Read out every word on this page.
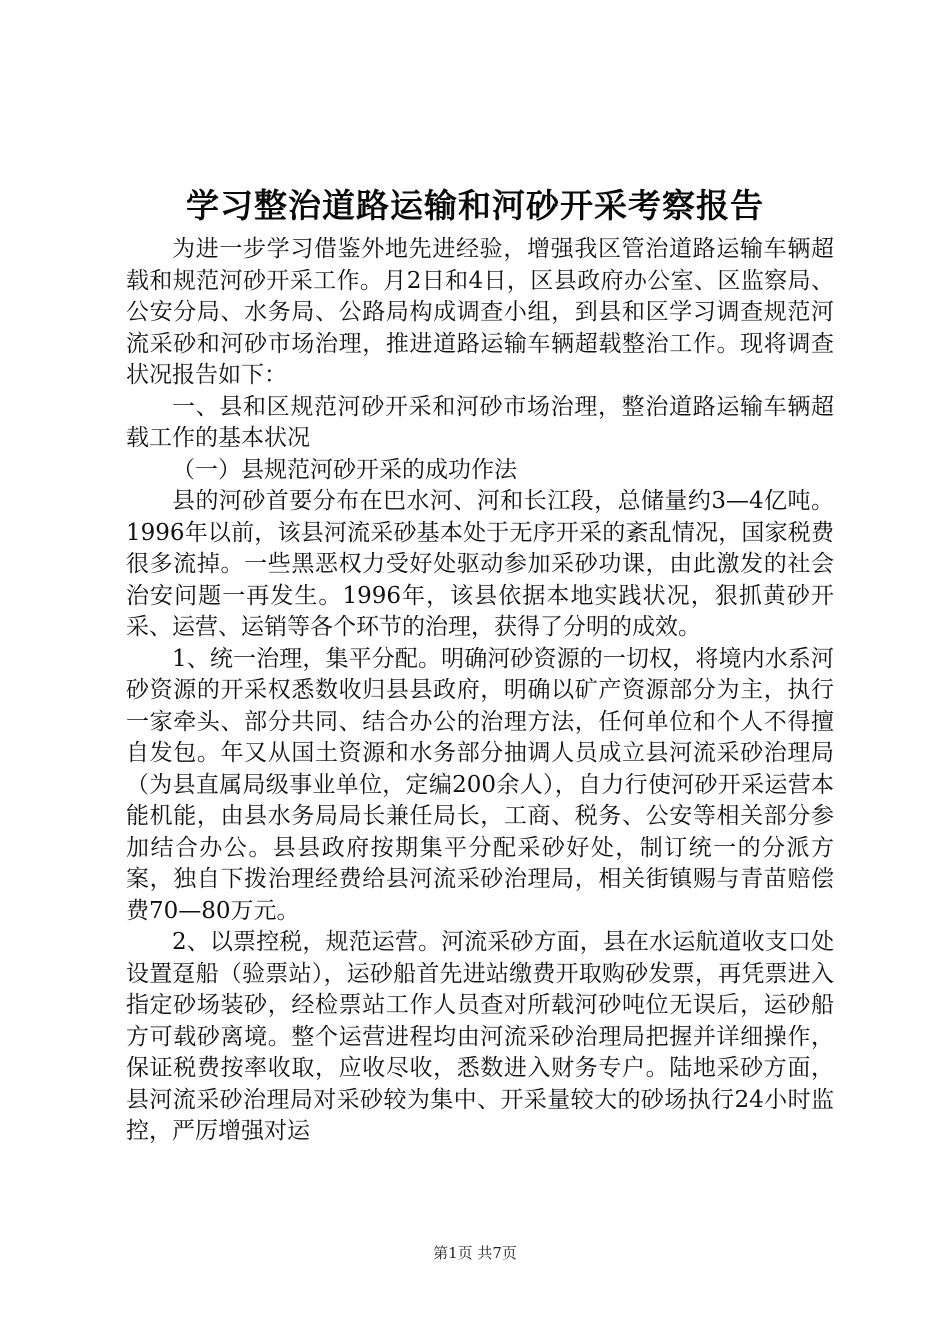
学习整治道路运输和河砂开采考察报告

为进一步学习借鉴外地先进经验，增强我区管治道路运输车辆超载和规范河砂开采工作。月2日和4日，区县政府办公室、区监察局、公安分局、水务局、公路局构成调查小组，到县和区学习调查规范河流采砂和河砂市场治理，推进道路运输车辆超载整治工作。现将调查状况报告如下：

一、县和区规范河砂开采和河砂市场治理，整治道路运输车辆超载工作的基本状况

（一）县规范河砂开采的成功作法

县的河砂首要分布在巴水河、河和长江段，总储量约3—4亿吨。1996年以前，该县河流采砂基本处于无序开采的紊乱情况，国家税费很多流掉。一些黑恶权力受好处驱动参加采砂功课，由此激发的社会治安问题一再发生。1996年，该县依据本地实践状况，狠抓黄砂开采、运营、运销等各个环节的治理，获得了分明的成效。

1、统一治理，集平分配。明确河砂资源的一切权，将境内水系河砂资源的开采权悉数收归县县政府，明确以矿产资源部分为主，执行一家牵头、部分共同、结合办公的治理方法，任何单位和个人不得擅自发包。年又从国土资源和水务部分抽调人员成立县河流采砂治理局（为县直属局级事业单位，定编200余人），自力行使河砂开采运营本能机能，由县水务局局长兼任局长，工商、税务、公安等相关部分参加结合办公。县县政府按期集平分配采砂好处，制订统一的分派方案，独自下拨治理经费给县河流采砂治理局，相关街镇赐与青苗赔偿费70—80万元。

2、以票控税，规范运营。河流采砂方面，县在水运航道收支口处设置趸船（验票站），运砂船首先进站缴费开取购砂发票，再凭票进入指定砂场装砂，经检票站工作人员查对所载河砂吨位无误后，运砂船方可载砂离境。整个运营进程均由河流采砂治理局把握并详细操作，保证税费按率收取，应收尽收，悉数进入财务专户。陆地采砂方面，县河流采砂治理局对采砂较为集中、开采量较大的砂场执行24小时监控，严厉增强对运

第1页 共7页
